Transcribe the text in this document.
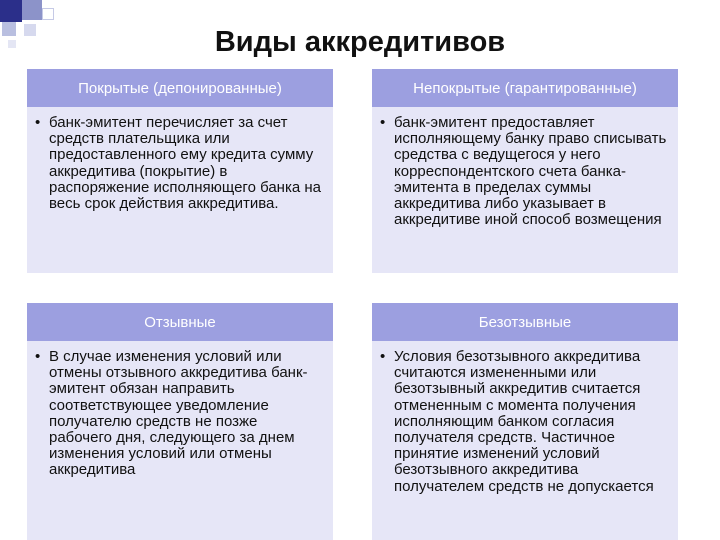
Виды аккредитивов
Покрытые (депонированные)
• банк-эмитент перечисляет за счет средств плательщика или предоставленного ему кредита сумму аккредитива (покрытие) в распоряжение исполняющего банка на весь срок действия аккредитива.
Непокрытые (гарантированные)
• банк-эмитент предоставляет исполняющему банку право списывать средства с ведущегося у него корреспондентского счета банка-эмитента в пределах суммы аккредитива либо указывает в аккредитиве иной способ возмещения
Отзывные
• В случае изменения условий или отмены отзывного аккредитива банк-эмитент обязан направить соответствующее уведомление получателю средств не позже рабочего дня, следующего за днем изменения условий или отмены аккредитива
Безотзывные
• Условия безотзывного аккредитива считаются измененными или безотзывный аккредитив считается отмененным с момента получения исполняющим банком согласия получателя средств. Частичное принятие изменений условий безотзывного аккредитива получателем средств не допускается
